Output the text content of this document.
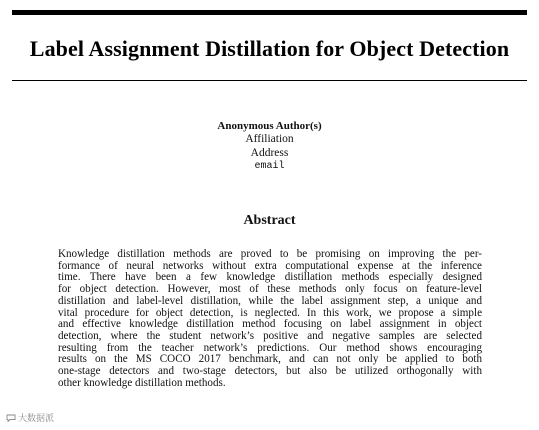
Label Assignment Distillation for Object Detection
Anonymous Author(s)
Affiliation
Address
email
Abstract
Knowledge distillation methods are proved to be promising on improving the per-
formance of neural networks without extra computational expense at the inference
time. There have been a few knowledge distillation methods especially designed
for object detection. However, most of these methods only focus on feature-level
distillation and label-level distillation, while the label assignment step, a unique and
vital procedure for object detection, is neglected. In this work, we propose a simple
and effective knowledge distillation method focusing on label assignment in object
detection, where the student network’s positive and negative samples are selected
resulting from the teacher network’s predictions. Our method shows encouraging
results on the MS COCO 2017 benchmark, and can not only be applied to both
one-stage detectors and two-stage detectors, but also be utilized orthogonally with
other knowledge distillation methods.
大数据派
